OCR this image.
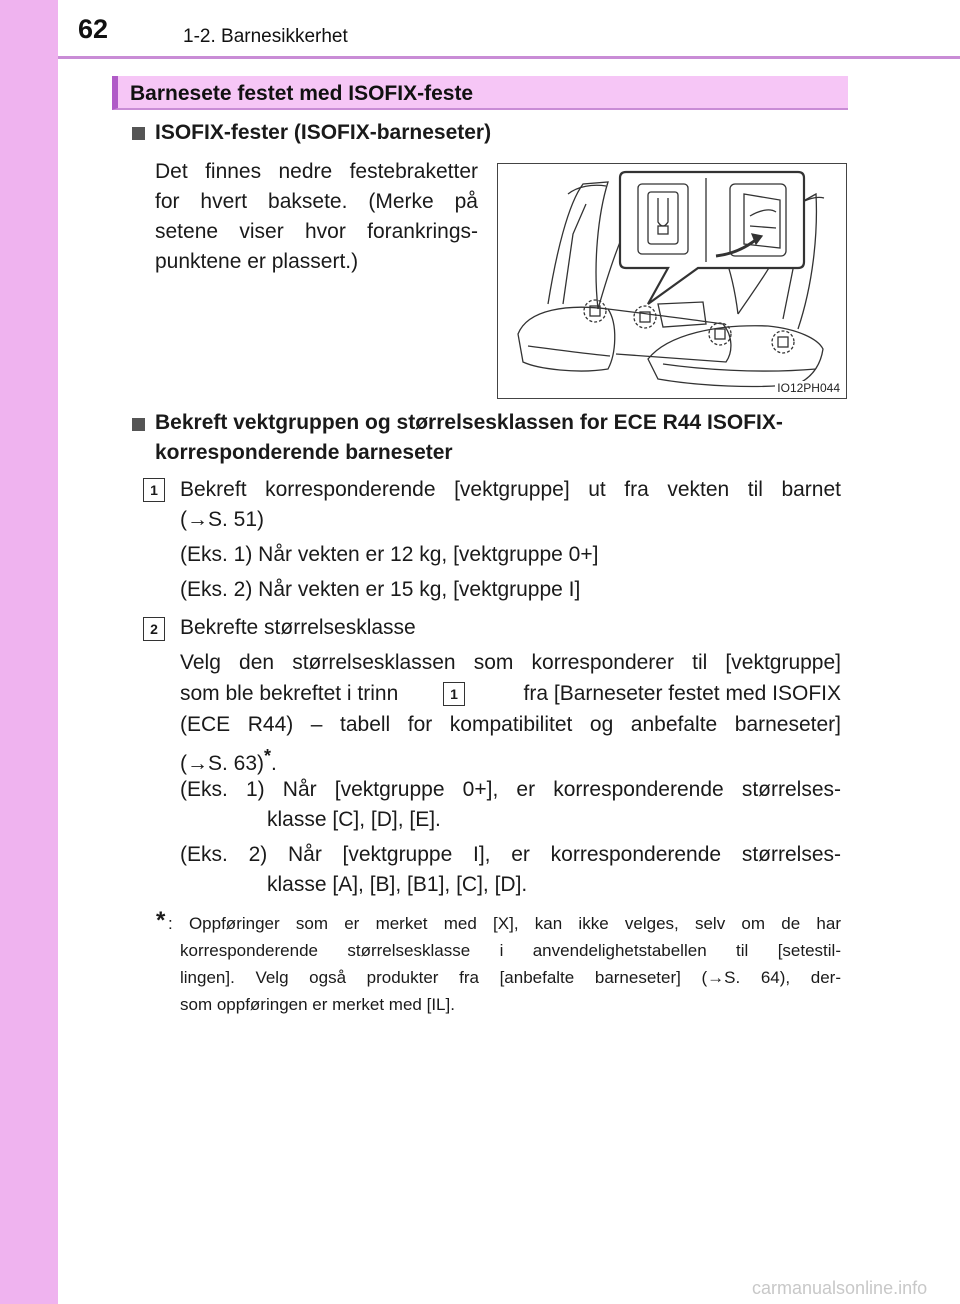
62	1-2. Barnesikkerhet
Barnesete festet med ISOFIX-feste
ISOFIX-fester (ISOFIX-barneseter)
Det finnes nedre festebraketter
for hvert baksete. (Merke på
setene viser hvor forankrings-
punktene er plassert.)
IO12PH044
Bekreft vektgruppen og størrelsesklassen for ECE R44 ISOFIX-
korresponderende barneseter
1	Bekreft korresponderende [vektgruppe] ut fra vekten til barnet
(→S. 51)
(Eks. 1) Når vekten er 12 kg, [vektgruppe 0+]
(Eks. 2) Når vekten er 15 kg, [vektgruppe I]
2	Bekrefte størrelsesklasse
Velg den størrelsesklassen som korresponderer til [vektgruppe]
som ble bekreftet i trinn	1	fra [Barneseter festet med ISOFIX
(ECE R44) – tabell for kompatibilitet og anbefalte barneseter]
(→S. 63)*.
(Eks. 1) Når [vektgruppe 0+], er korresponderende størrelses-
klasse [C], [D], [E].
(Eks. 2) Når [vektgruppe I], er korresponderende størrelses-
klasse [A], [B], [B1], [C], [D].
* : Oppføringer som er merket med [X], kan ikke velges, selv om de har
korresponderende størrelsesklasse i anvendelighetstabellen til [setestil-
lingen]. Velg også produkter fra [anbefalte barneseter] (→S. 64), der-
som oppføringen er merket med [IL].
carmanualsonline.info
